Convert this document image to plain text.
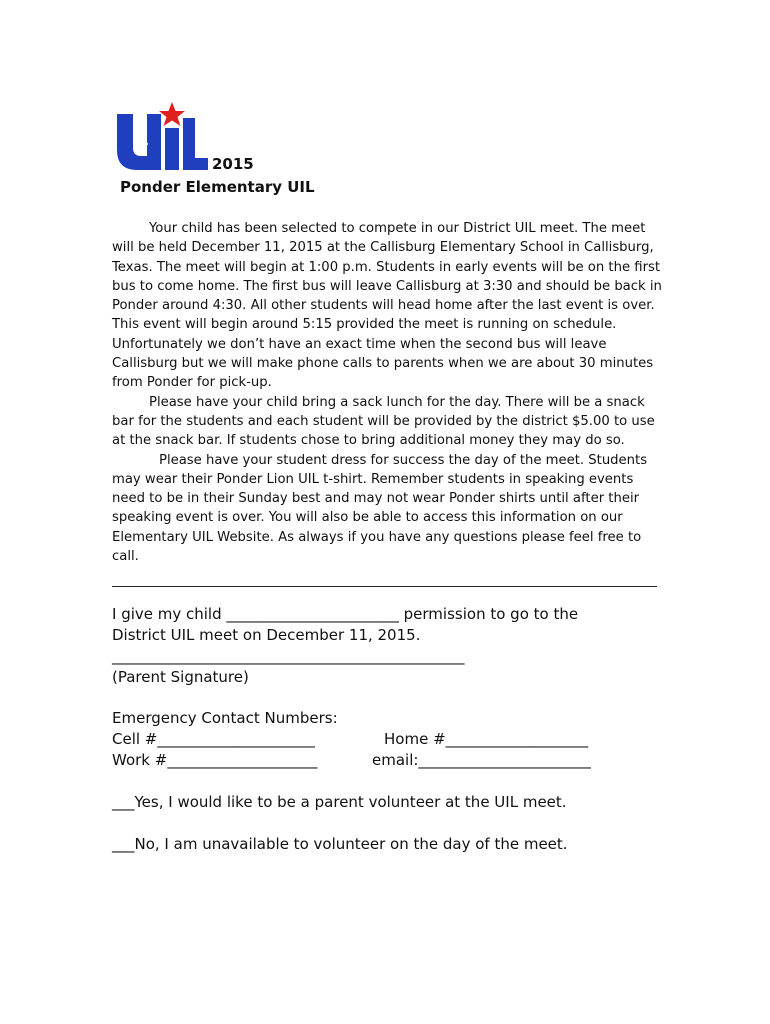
2015
Ponder Elementary UIL

Your child has been selected to compete in our District UIL meet. The meet will be held December 11, 2015 at the Callisburg Elementary School in Callisburg, Texas. The meet will begin at 1:00 p.m. Students in early events will be on the first bus to come home. The first bus will leave Callisburg at 3:30 and should be back in Ponder around 4:30. All other students will head home after the last event is over. This event will begin around 5:15 provided the meet is running on schedule. Unfortunately we don’t have an exact time when the second bus will leave Callisburg but we will make phone calls to parents when we are about 30 minutes from Ponder for pick-up.

Please have your child bring a sack lunch for the day. There will be a snack bar for the students and each student will be provided by the district $5.00 to use at the snack bar. If students chose to bring additional money they may do so.

Please have your student dress for success the day of the meet. Students may wear their Ponder Lion UIL t-shirt. Remember students in speaking events need to be in their Sunday best and may not wear Ponder shirts until after their speaking event is over. You will also be able to access this information on our Elementary UIL Website. As always if you have any questions please feel free to call.

I give my child _______________________ permission to go to the
District UIL meet on December 11, 2015.
_______________________________________________
(Parent Signature)
Emergency Contact Numbers:
Cell #_____________________	Home #___________________
Work #____________________	email:_______________________
___Yes, I would like to be a parent volunteer at the UIL meet.
___No, I am unavailable to volunteer on the day of the meet.
